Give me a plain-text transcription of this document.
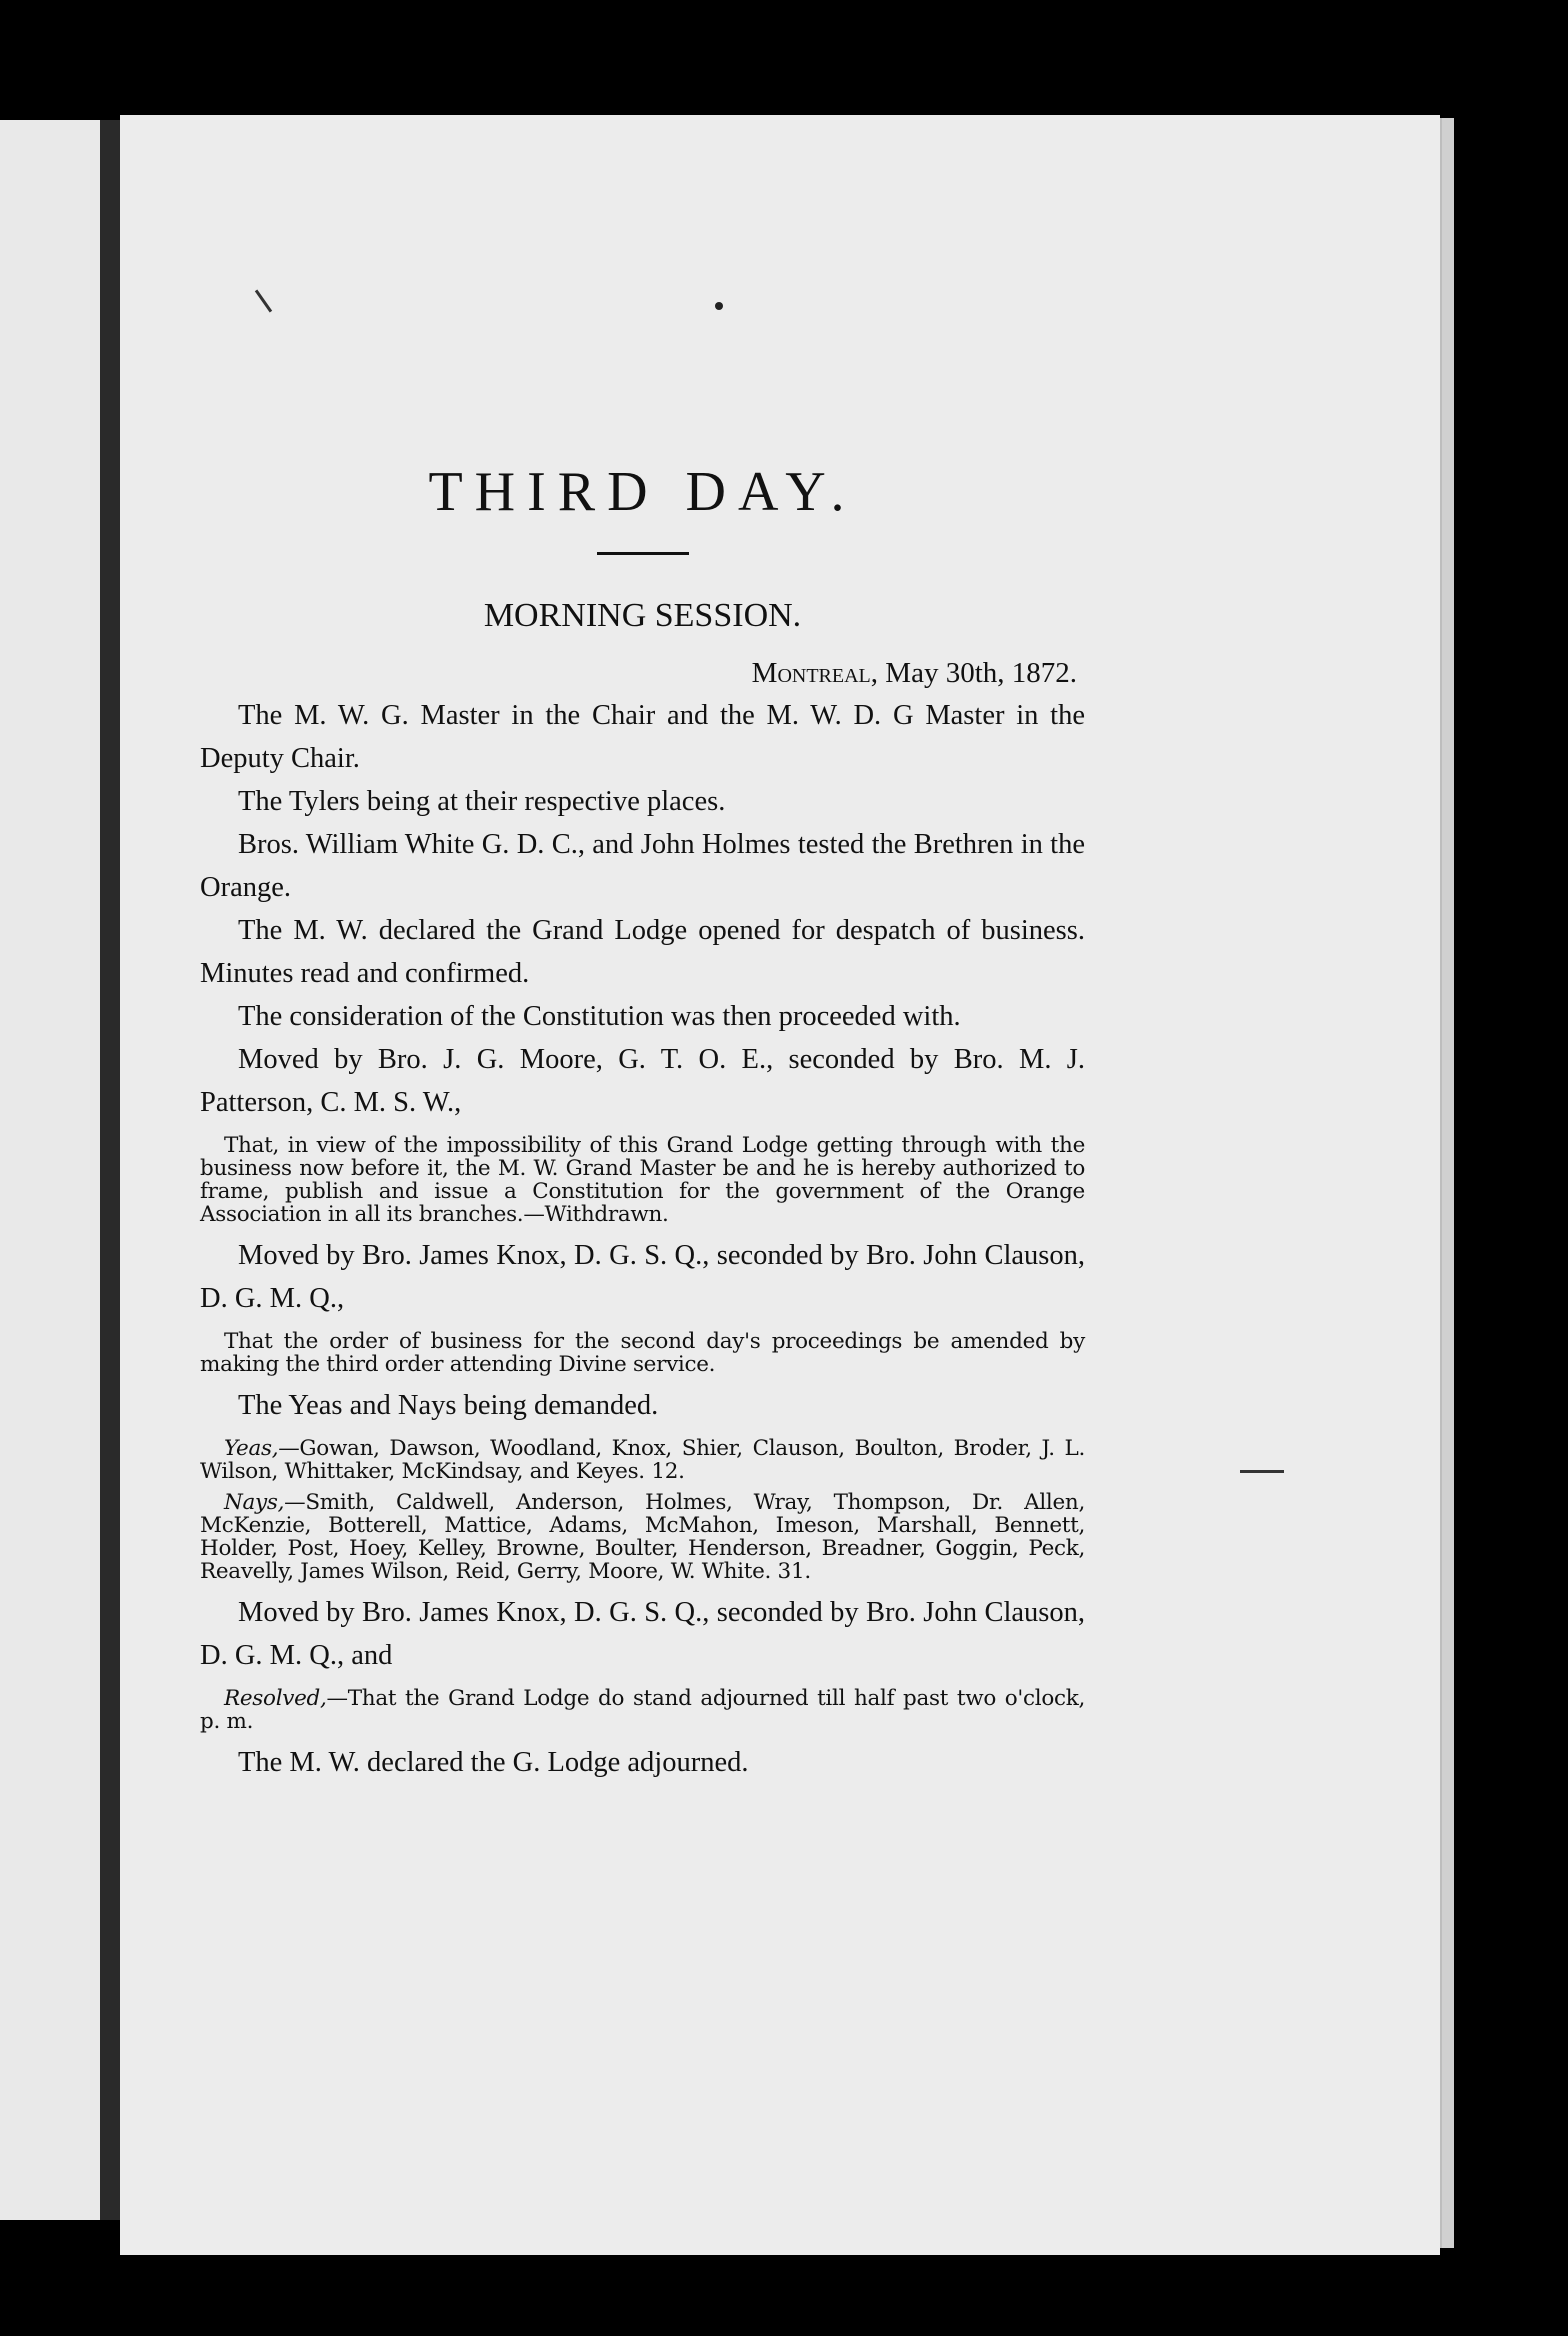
THIRD DAY.
MORNING SESSION.
Montreal, May 30th, 1872.

The M. W. G. Master in the Chair and the M. W. D. G Master in the Deputy Chair.

The Tylers being at their respective places.

Bros. William White G. D. C., and John Holmes tested the Brethren in the Orange.

The M. W. declared the Grand Lodge opened for despatch of business. Minutes read and confirmed.

The consideration of the Constitution was then proceeded with.

Moved by Bro. J. G. Moore, G. T. O. E., seconded by Bro. M. J. Patterson, C. M. S. W.,

That, in view of the impossibility of this Grand Lodge getting through with the business now before it, the M. W. Grand Master be and he is hereby authorized to frame, publish and issue a Constitution for the government of the Orange Association in all its branches.—Withdrawn.

Moved by Bro. James Knox, D. G. S. Q., seconded by Bro. John Clauson, D. G. M. Q.,

That the order of business for the second day's proceedings be amended by making the third order attending Divine service.

The Yeas and Nays being demanded.

Yeas,—Gowan, Dawson, Woodland, Knox, Shier, Clauson, Boulton, Broder, J. L. Wilson, Whittaker, McKindsay, and Keyes. 12.

Nays,—Smith, Caldwell, Anderson, Holmes, Wray, Thompson, Dr. Allen, McKenzie, Botterell, Mattice, Adams, McMahon, Imeson, Marshall, Bennett, Holder, Post, Hoey, Kelley, Browne, Boulter, Henderson, Breadner, Goggin, Peck, Reavelly, James Wilson, Reid, Gerry, Moore, W. White. 31.

Moved by Bro. James Knox, D. G. S. Q., seconded by Bro. John Clauson, D. G. M. Q., and

Resolved,—That the Grand Lodge do stand adjourned till half past two o'clock, p. m.

The M. W. declared the G. Lodge adjourned.
